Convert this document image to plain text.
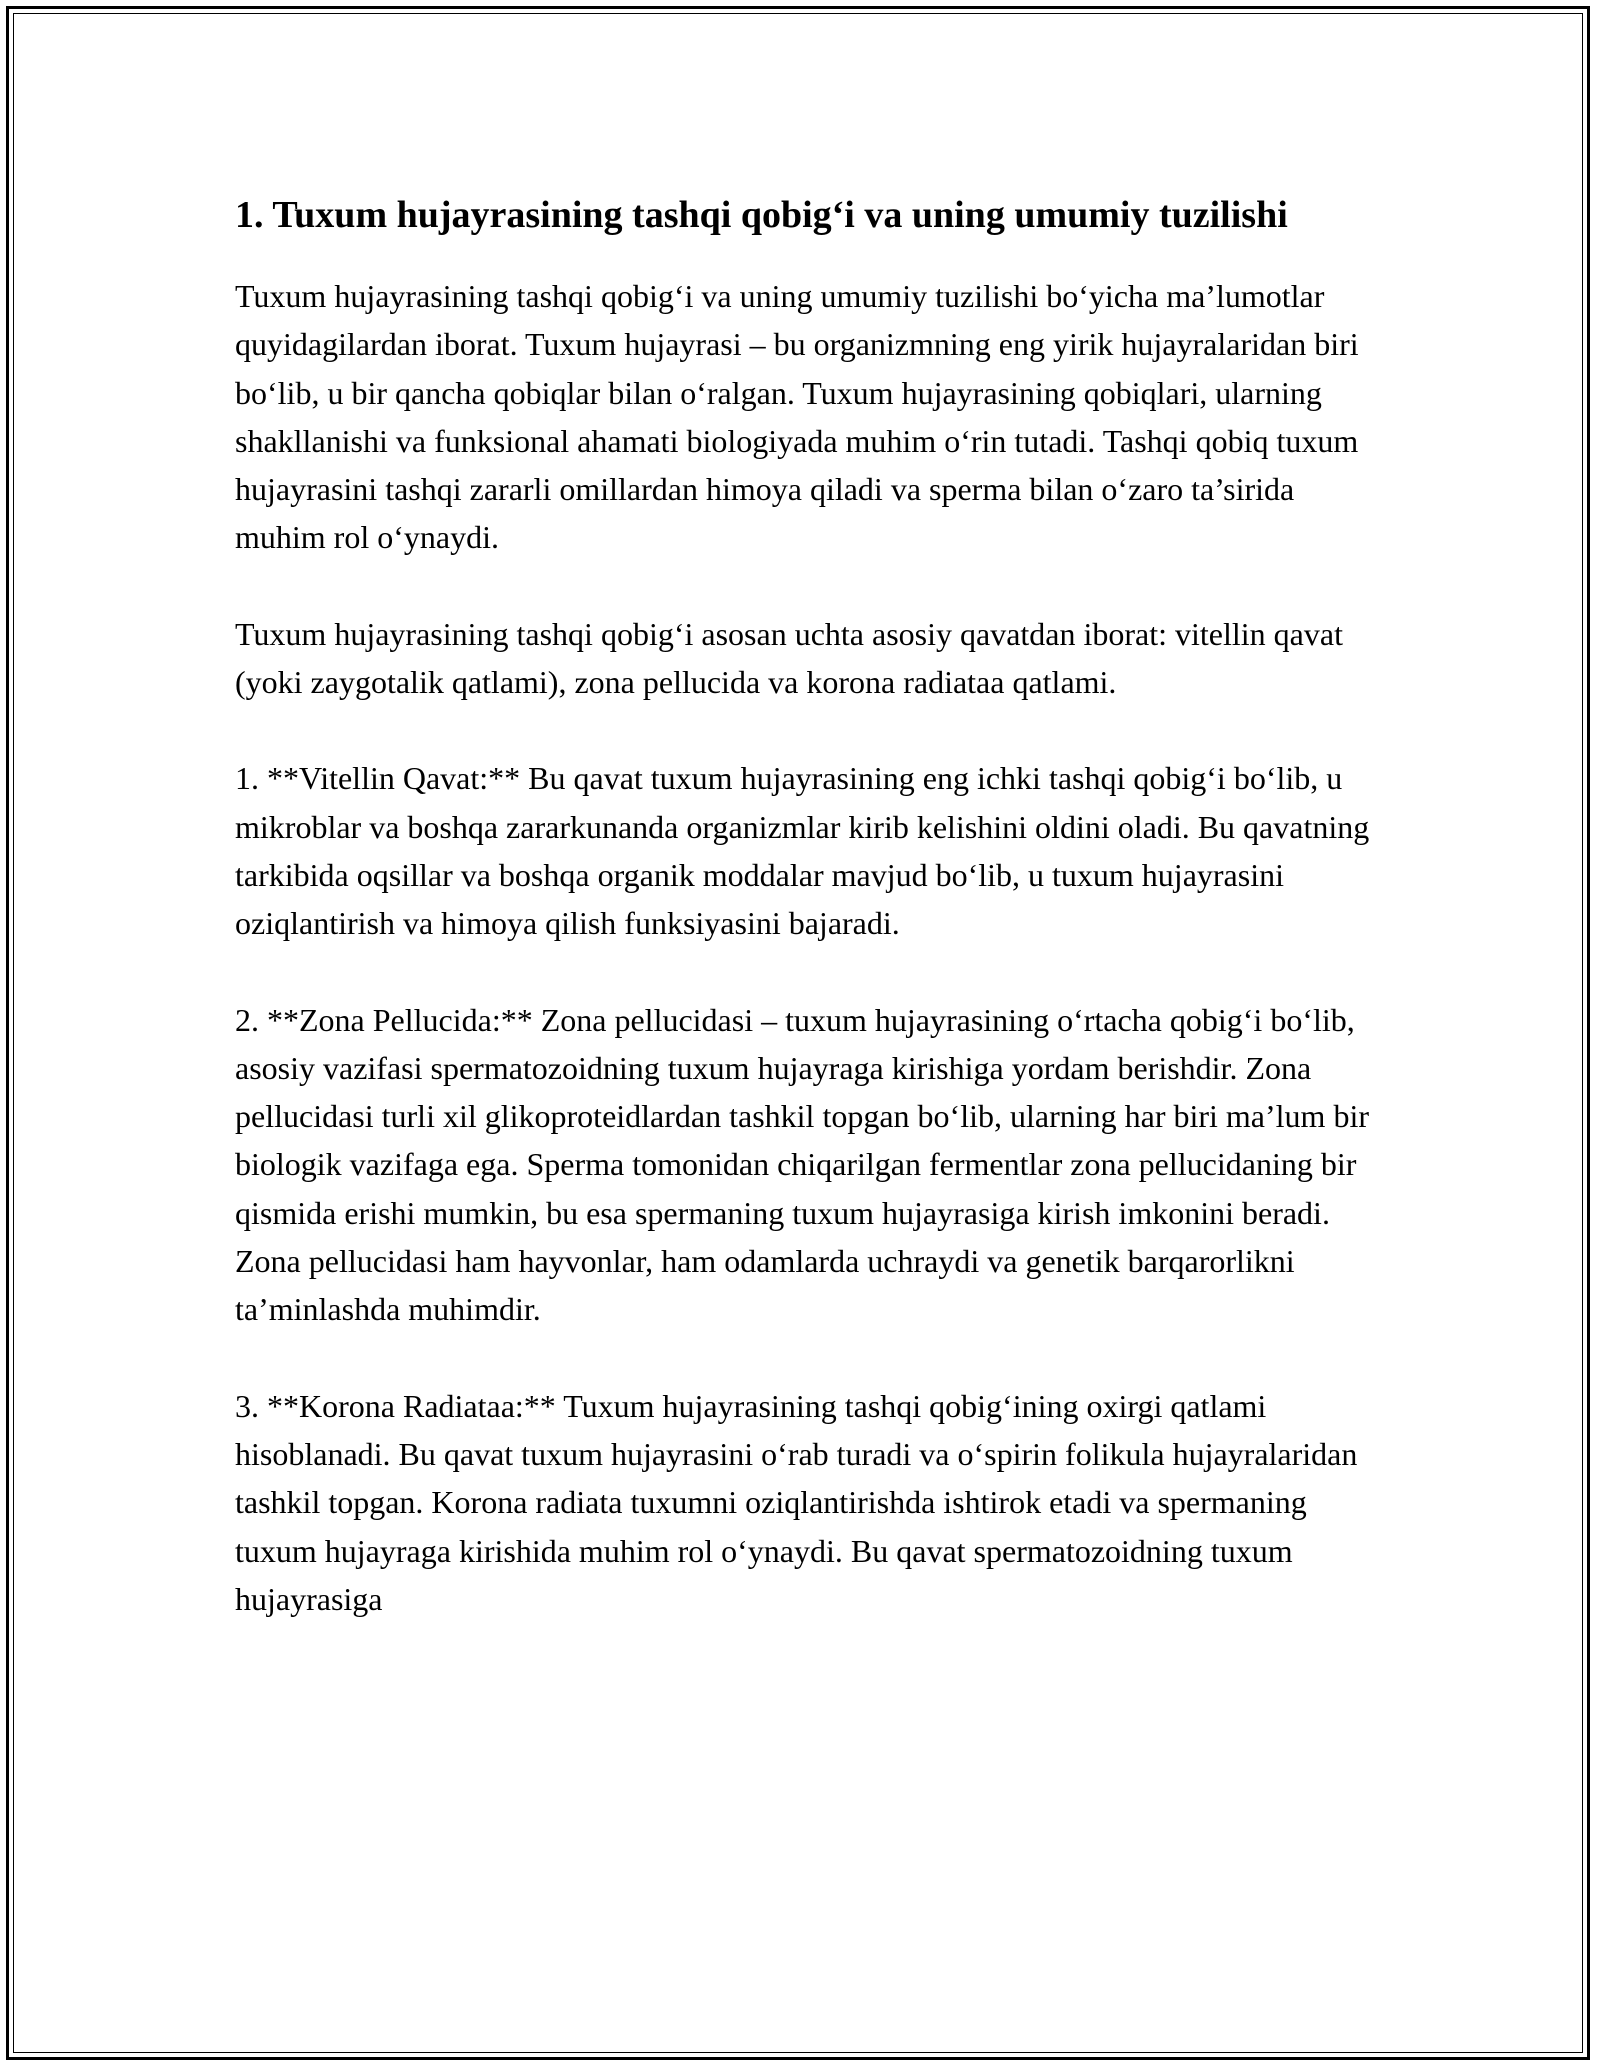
1. Tuxum hujayrasining tashqi qobig‘i va uning umumiy tuzilishi

Tuxum hujayrasining tashqi qobig‘i va uning umumiy tuzilishi bo‘yicha ma’lumotlar quyidagilardan iborat. Tuxum hujayrasi – bu organizmning eng yirik hujayralaridan biri bo‘lib, u bir qancha qobiqlar bilan o‘ralgan. Tuxum hujayrasining qobiqlari, ularning shakllanishi va funksional ahamati biologiyada muhim o‘rin tutadi. Tashqi qobiq tuxum hujayrasini tashqi zararli omillardan himoya qiladi va sperma bilan o‘zaro ta’sirida muhim rol o‘ynaydi.

Tuxum hujayrasining tashqi qobig‘i asosan uchta asosiy qavatdan iborat: vitellin qavat (yoki zaygotalik qatlami), zona pellucida va korona radiataa qatlami.

1. **Vitellin Qavat:** Bu qavat tuxum hujayrasining eng ichki tashqi qobig‘i bo‘lib, u mikroblar va boshqa zararkunanda organizmlar kirib kelishini oldini oladi. Bu qavatning tarkibida oqsillar va boshqa organik moddalar mavjud bo‘lib, u tuxum hujayrasini oziqlantirish va himoya qilish funksiyasini bajaradi.

2. **Zona Pellucida:** Zona pellucidasi – tuxum hujayrasining o‘rtacha qobig‘i bo‘lib, asosiy vazifasi spermatozoidning tuxum hujayraga kirishiga yordam berishdir. Zona pellucidasi turli xil glikoproteidlardan tashkil topgan bo‘lib, ularning har biri ma’lum bir biologik vazifaga ega. Sperma tomonidan chiqarilgan fermentlar zona pellucidaning bir qismida erishi mumkin, bu esa spermaning tuxum hujayrasiga kirish imkonini beradi. Zona pellucidasi ham hayvonlar, ham odamlarda uchraydi va genetik barqarorlikni ta’minlashda muhimdir.

3. **Korona Radiataa:** Tuxum hujayrasining tashqi qobig‘ining oxirgi qatlami hisoblanadi. Bu qavat tuxum hujayrasini o‘rab turadi va o‘spirin folikula hujayralaridan tashkil topgan. Korona radiata tuxumni oziqlantirishda ishtirok etadi va spermaning tuxum hujayraga kirishida muhim rol o‘ynaydi. Bu qavat spermatozoidning tuxum hujayrasiga
